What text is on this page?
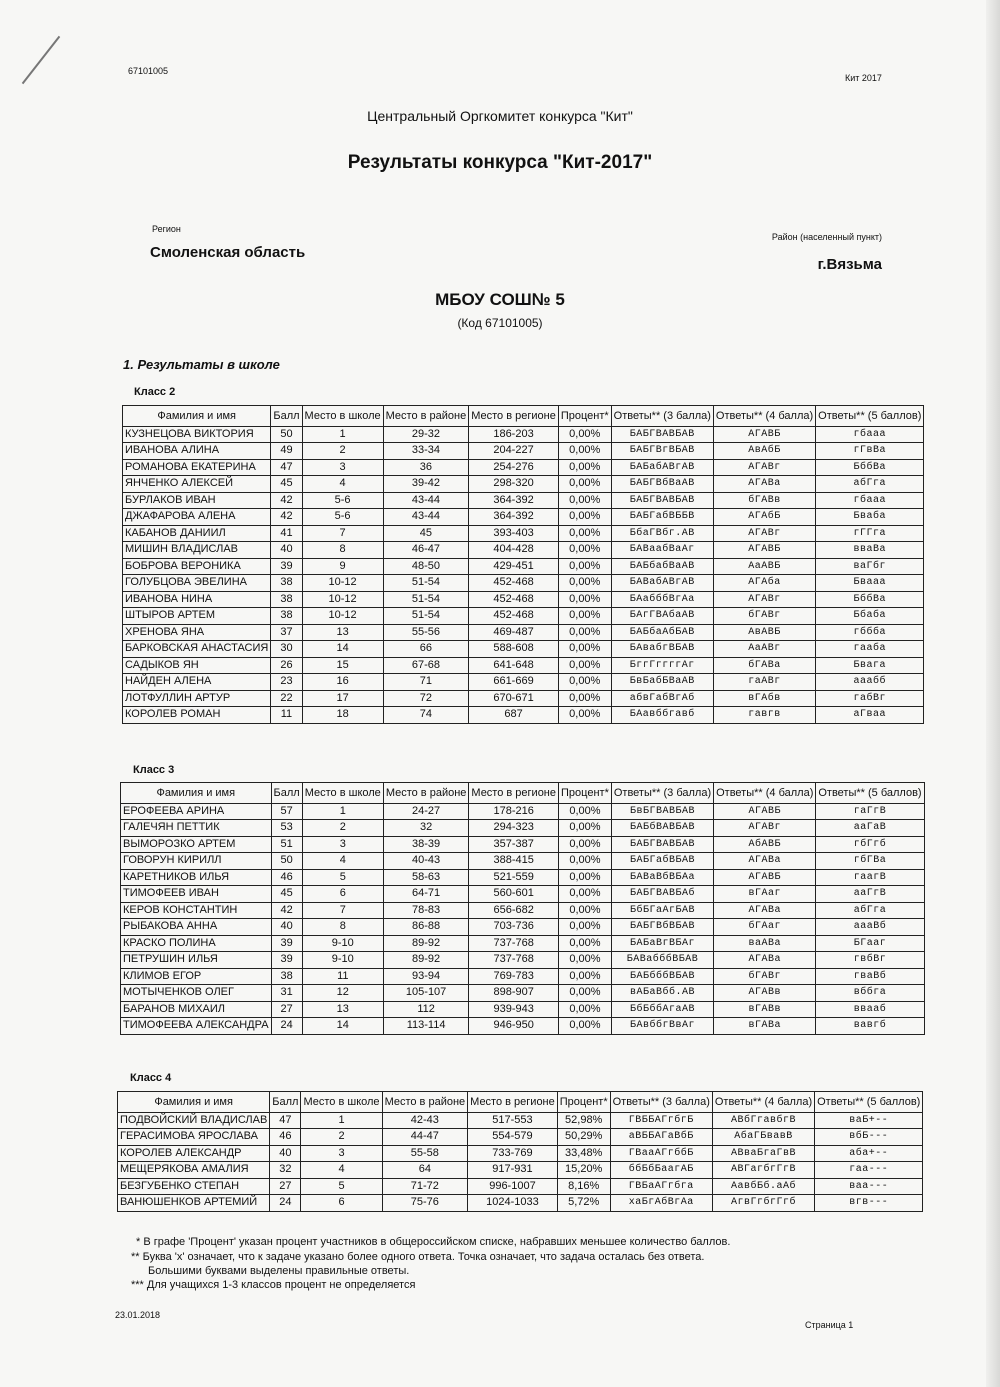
67101005
Кит 2017
Центральный Оргкомитет конкурса "Кит"
Результаты конкурса "Кит-2017"
Регион
Смоленская область
Район (населенный пункт)
г.Вязьма
МБОУ СОШ№ 5
(Код 67101005)
1. Результаты в школе
Класс 2
Фамилия и имя	Балл	Место в школе	Место в районе	Место в регионе	Процент*	Ответы** (3 балла)	Ответы** (4 балла)	Ответы** (5 баллов)
КУЗНЕЦОВА ВИКТОРИЯ	50	1	29-32	186-203	0,00%	БАБГВАВБАВ	АГАВБ	гбааа
ИВАНОВА АЛИНА	49	2	33-34	204-227	0,00%	БАБГВгВБАВ	АвАбБ	гГвВа
РОМАНОВА ЕКАТЕРИНА	47	3	36	254-276	0,00%	БАБабАВгАВ	АГАВг	БббВа
ЯНЧЕНКО АЛЕКСЕЙ	45	4	39-42	298-320	0,00%	БАБГВбВаАВ	АГАВа	абГга
БУРЛАКОВ ИВАН	42	5-6	43-44	364-392	0,00%	БАБГВАВБАВ	бГАВв	гбааа
ДЖАФАРОВА АЛЕНА	42	5-6	43-44	364-392	0,00%	БАБГабВББВ	АГАбБ	Бваба
КАБАНОВ ДАНИИЛ	41	7	45	393-403	0,00%	БбаГВбг.АВ	АГАВг	гГГга
МИШИН ВЛАДИСЛАВ	40	8	46-47	404-428	0,00%	БАВаабВаАг	АГАВБ	вваВа
БОБРОВА ВЕРОНИКА	39	9	48-50	429-451	0,00%	БАБбабВаАВ	АаАВБ	ваГбг
ГОЛУБЦОВА ЭВЕЛИНА	38	10-12	51-54	452-468	0,00%	БАВабАВгАВ	АГАба	Бваaа
ИВАНОВА НИНА	38	10-12	51-54	452-468	0,00%	БАабббВгАа	АГАВг	БббВа
ШТЫРОВ АРТЕМ	38	10-12	51-54	452-468	0,00%	БАгГВАбаАВ	бГАВг	Ббаба
ХРЕНОВА ЯНА	37	13	55-56	469-487	0,00%	БАБбаАбБАВ	АвАВБ	гббба
БАРКОВСКАЯ АНАСТАСИЯ	30	14	66	588-608	0,00%	БАвабгВБАВ	АаАВг	гааба
САДЫКОВ ЯН	26	15	67-68	641-648	0,00%	БггГггггАг	бГАВа	Бвага
НАЙДЕН АЛЕНА	23	16	71	661-669	0,00%	БвБабБВаАВ	гаАВг	аaaбб
ЛОТФУЛЛИН АРТУР	22	17	72	670-671	0,00%	абвГабВгАб	вГАбв	габВг
КОРОЛЕВ РОМАН	11	18	74	687	0,00%	БАавббгавб	гавгв	аГваа
Класс 3
Фамилия и имя	Балл	Место в школе	Место в районе	Место в регионе	Процент*	Ответы** (3 балла)	Ответы** (4 балла)	Ответы** (5 баллов)
ЕРОФЕЕВА АРИНА	57	1	24-27	178-216	0,00%	БвБГВАВБАВ	АГАВБ	гаГгВ
ГАЛЕЧЯН ПЕТТИК	53	2	32	294-323	0,00%	БАБбВАВБАВ	АГАВг	ааГаВ
ВЫМОРОЗКО АРТЕМ	51	3	38-39	357-387	0,00%	БАБГВАВБАВ	АбАВБ	гбГгб
ГОВОРУН КИРИЛЛ	50	4	40-43	388-415	0,00%	БАБГабВБАВ	АГАВа	гбГВа
КАРЕТНИКОВ ИЛЬЯ	46	5	58-63	521-559	0,00%	БАВаВбВБАа	АГАВБ	гаагВ
ТИМОФЕЕВ ИВАН	45	6	64-71	560-601	0,00%	БАБГВАВБАб	вГАаг	ааГгВ
КЕРОВ КОНСТАНТИН	42	7	78-83	656-682	0,00%	БбБГаАгБАВ	АГАВа	абГга
РЫБАКОВА АННА	40	8	86-88	703-736	0,00%	БАБГВбВБАВ	бГАаг	аааВб
КРАСКО ПОЛИНА	39	9-10	89-92	737-768	0,00%	БАБаВгВБАг	ваАВа	БГааг
ПЕТРУШИН ИЛЬЯ	39	9-10	89-92	737-768	0,00%	БАВабббВБАВ	АГАВа	гвбВг
КЛИМОВ ЕГОР	38	11	93-94	769-783	0,00%	БАБбббВБАВ	бГАВг	гваВб
МОТЫЧЕНКОВ ОЛЕГ	31	12	105-107	898-907	0,00%	вАБаВбб.АВ	АГАВв	вббга
БАРАНОВ МИХАИЛ	27	13	112	939-943	0,00%	БбБббАгаАВ	вГАВв	вваaб
ТИМОФЕЕВА АЛЕКСАНДРА	24	14	113-114	946-950	0,00%	БАвббгВвАг	вГАВа	вавгб
Класс 4
Фамилия и имя	Балл	Место в школе	Место в районе	Место в регионе	Процент*	Ответы** (3 балла)	Ответы** (4 балла)	Ответы** (5 баллов)
ПОДВОЙСКИЙ ВЛАДИСЛАВ	47	1	42-43	517-553	52,98%	ГВББАГгбгБ	АВбГгавбгВ	ваБ+--
ГЕРАСИМОВА ЯРОСЛАВА	46	2	44-47	554-579	50,29%	аВББАГаВбБ	АбаГБвавВ	вбБ---
КОРОЛЕВ АЛЕКСАНДР	40	3	55-58	733-769	33,48%	ГВааАГгббБ	АВваБгаГвВ	аба+--
МЕЩЕРЯКОВА АМАЛИЯ	32	4	64	917-931	15,20%	ббБбБаагАБ	АВГагбгГгВ	гаа---
БЕЗГУБЕНКО СТЕПАН	27	5	71-72	996-1007	8,16%	ГВБаАГгбга	АавбБб.аАб	ваа---
ВАНЮШЕНКОВ АРТЕМИЙ	24	6	75-76	1024-1033	5,72%	хаБгАбВгАа	АгвГгбгГгб	вгв---
* В графе 'Процент' указан процент участников в общероссийском списке, набравших меньшее количество баллов.
** Буква 'х' означает, что к задаче указано более одного ответа. Точка означает, что задача осталась без ответа.
Большими буквами выделены правильные ответы.
*** Для учащихся 1-3 классов процент не определяется
23.01.2018
Страница 1
